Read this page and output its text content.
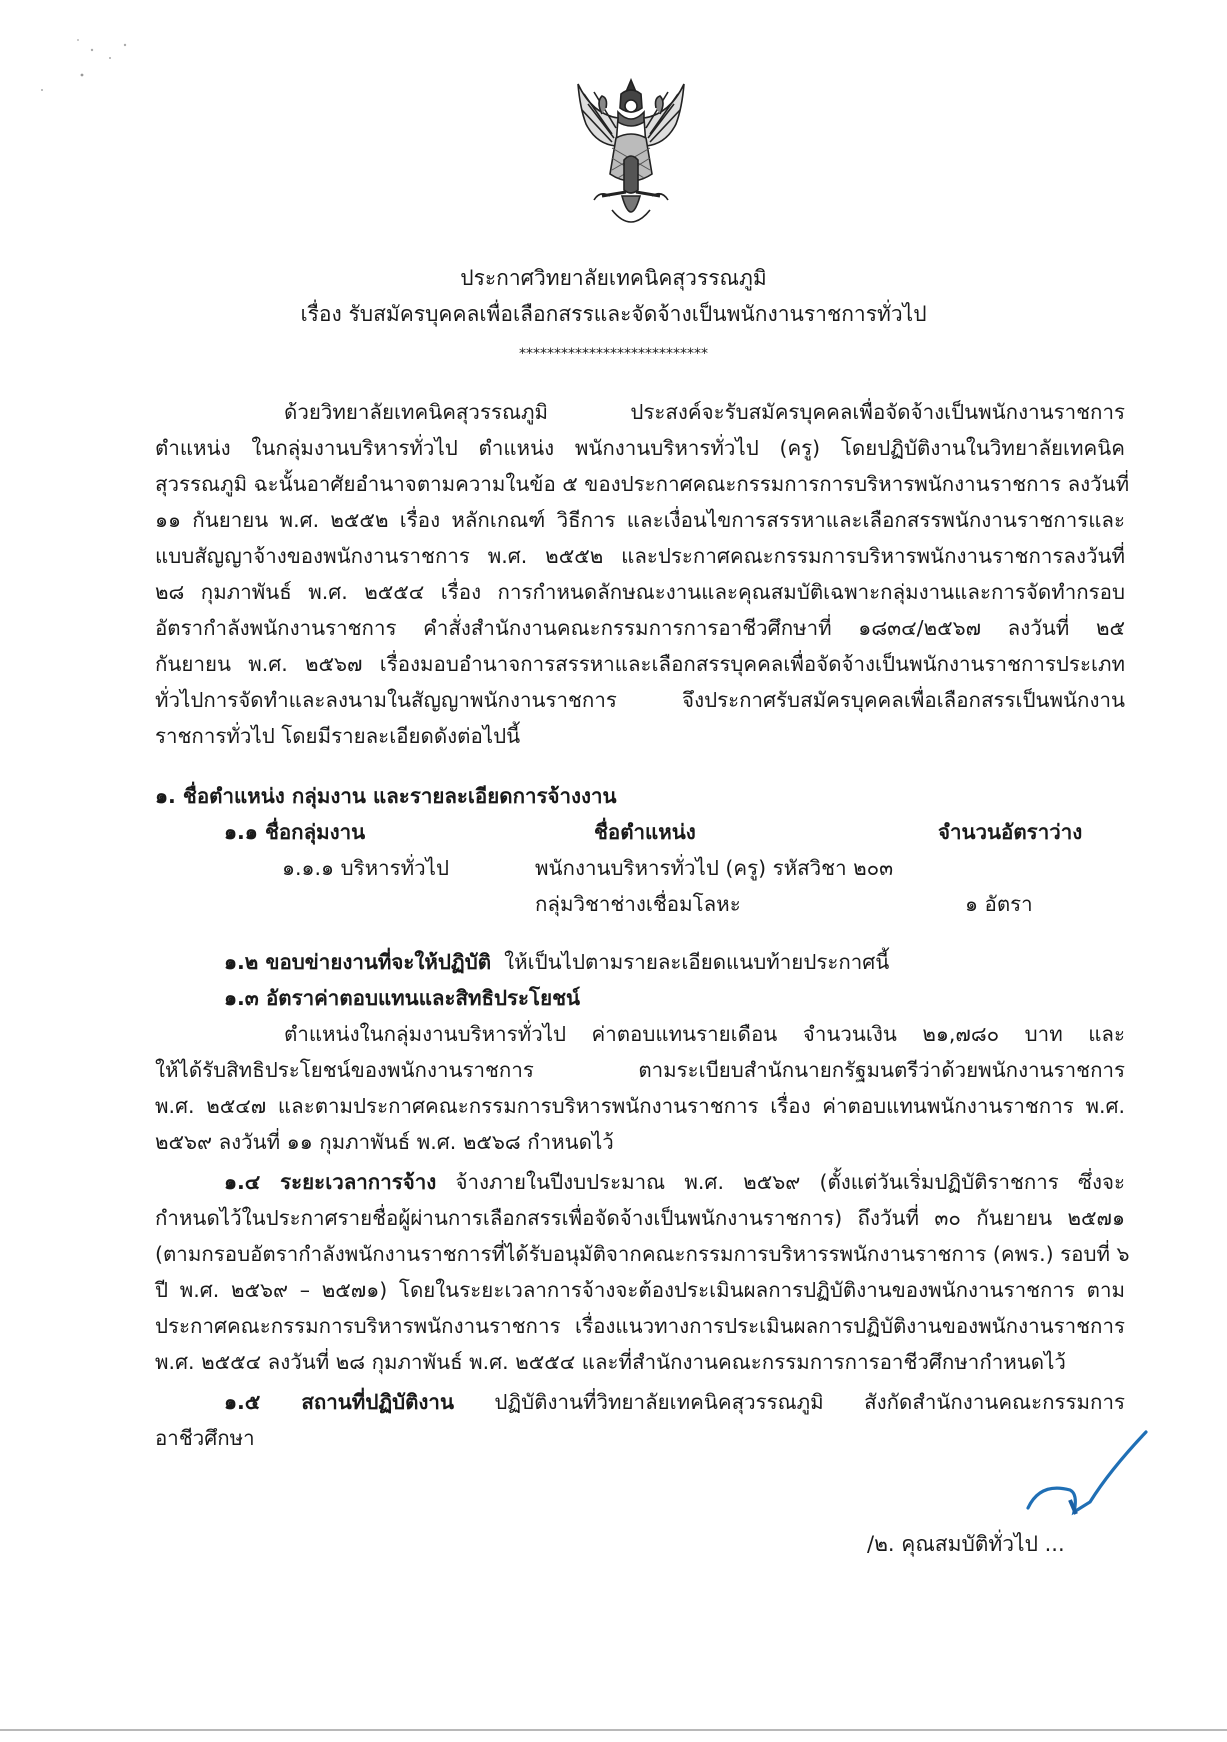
ประกาศวิทยาลัยเทคนิคสุวรรณภูมิ
เรื่อง รับสมัครบุคคลเพื่อเลือกสรรและจัดจ้างเป็นพนักงานราชการทั่วไป
***************************
ด้วยวิทยาลัยเทคนิคสุวรรณภูมิ ประสงค์จะรับสมัครบุคคลเพื่อจัดจ้างเป็นพนักงานราชการ
ตำแหน่ง ในกลุ่มงานบริหารทั่วไป ตำแหน่ง พนักงานบริหารทั่วไป (ครู) โดยปฏิบัติงานในวิทยาลัยเทคนิค
สุวรรณภูมิ ฉะนั้นอาศัยอำนาจตามความในข้อ ๕ ของประกาศคณะกรรมการการบริหารพนักงานราชการ ลงวันที่
๑๑ กันยายน พ.ศ. ๒๕๕๒ เรื่อง หลักเกณฑ์ วิธีการ และเงื่อนไขการสรรหาและเลือกสรรพนักงานราชการและ
แบบสัญญาจ้างของพนักงานราชการ พ.ศ. ๒๕๕๒ และประกาศคณะกรรมการบริหารพนักงานราชการลงวันที่
๒๘ กุมภาพันธ์ พ.ศ. ๒๕๕๔ เรื่อง การกำหนดลักษณะงานและคุณสมบัติเฉพาะกลุ่มงานและการจัดทำกรอบ
อัตรากำลังพนักงานราชการ คำสั่งสำนักงานคณะกรรมการการอาชีวศึกษาที่ ๑๘๓๔/๒๕๖๗ ลงวันที่ ๒๕
กันยายน พ.ศ. ๒๕๖๗ เรื่องมอบอำนาจการสรรหาและเลือกสรรบุคคลเพื่อจัดจ้างเป็นพนักงานราชการประเภท
ทั่วไปการจัดทำและลงนามในสัญญาพนักงานราชการ จึงประกาศรับสมัครบุคคลเพื่อเลือกสรรเป็นพนักงาน
ราชการทั่วไป โดยมีรายละเอียดดังต่อไปนี้
๑. ชื่อตำแหน่ง กลุ่มงาน และรายละเอียดการจ้างงาน
๑.๑ ชื่อกลุ่มงาน	ชื่อตำแหน่ง	จำนวนอัตราว่าง
๑.๑.๑ บริหารทั่วไป	พนักงานบริหารทั่วไป (ครู) รหัสวิชา ๒๐๓
กลุ่มวิชาช่างเชื่อมโลหะ	๑ อัตรา
๑.๒ ขอบข่ายงานที่จะให้ปฏิบัติ ให้เป็นไปตามรายละเอียดแนบท้ายประกาศนี้
๑.๓ อัตราค่าตอบแทนและสิทธิประโยชน์
ตำแหน่งในกลุ่มงานบริหารทั่วไป ค่าตอบแทนรายเดือน จำนวนเงิน ๒๑,๗๘๐ บาท และ
ให้ได้รับสิทธิประโยชน์ของพนักงานราชการ ตามระเบียบสำนักนายกรัฐมนตรีว่าด้วยพนักงานราชการ
พ.ศ. ๒๕๔๗ และตามประกาศคณะกรรมการบริหารพนักงานราชการ เรื่อง ค่าตอบแทนพนักงานราชการ พ.ศ.
๒๕๖๙ ลงวันที่ ๑๑ กุมภาพันธ์ พ.ศ. ๒๕๖๘ กำหนดไว้
๑.๔ ระยะเวลาการจ้าง จ้างภายในปีงบประมาณ พ.ศ. ๒๕๖๙ (ตั้งแต่วันเริ่มปฏิบัติราชการ ซึ่งจะ
กำหนดไว้ในประกาศรายชื่อผู้ผ่านการเลือกสรรเพื่อจัดจ้างเป็นพนักงานราชการ) ถึงวันที่ ๓๐ กันยายน ๒๕๗๑
(ตามกรอบอัตรากำลังพนักงานราชการที่ได้รับอนุมัติจากคณะกรรมการบริหารรพนักงานราชการ (คพร.) รอบที่ ๖
ปี พ.ศ. ๒๕๖๙ – ๒๕๗๑) โดยในระยะเวลาการจ้างจะต้องประเมินผลการปฏิบัติงานของพนักงานราชการ ตาม
ประกาศคณะกรรมการบริหารพนักงานราชการ เรื่องแนวทางการประเมินผลการปฏิบัติงานของพนักงานราชการ
พ.ศ. ๒๕๕๔ ลงวันที่ ๒๘ กุมภาพันธ์ พ.ศ. ๒๕๕๔ และที่สำนักงานคณะกรรมการการอาชีวศึกษากำหนดไว้
๑.๕ สถานที่ปฏิบัติงาน ปฏิบัติงานที่วิทยาลัยเทคนิคสุวรรณภูมิ สังกัดสำนักงานคณะกรรมการ
อาชีวศึกษา
/๒. คุณสมบัติทั่วไป ...
